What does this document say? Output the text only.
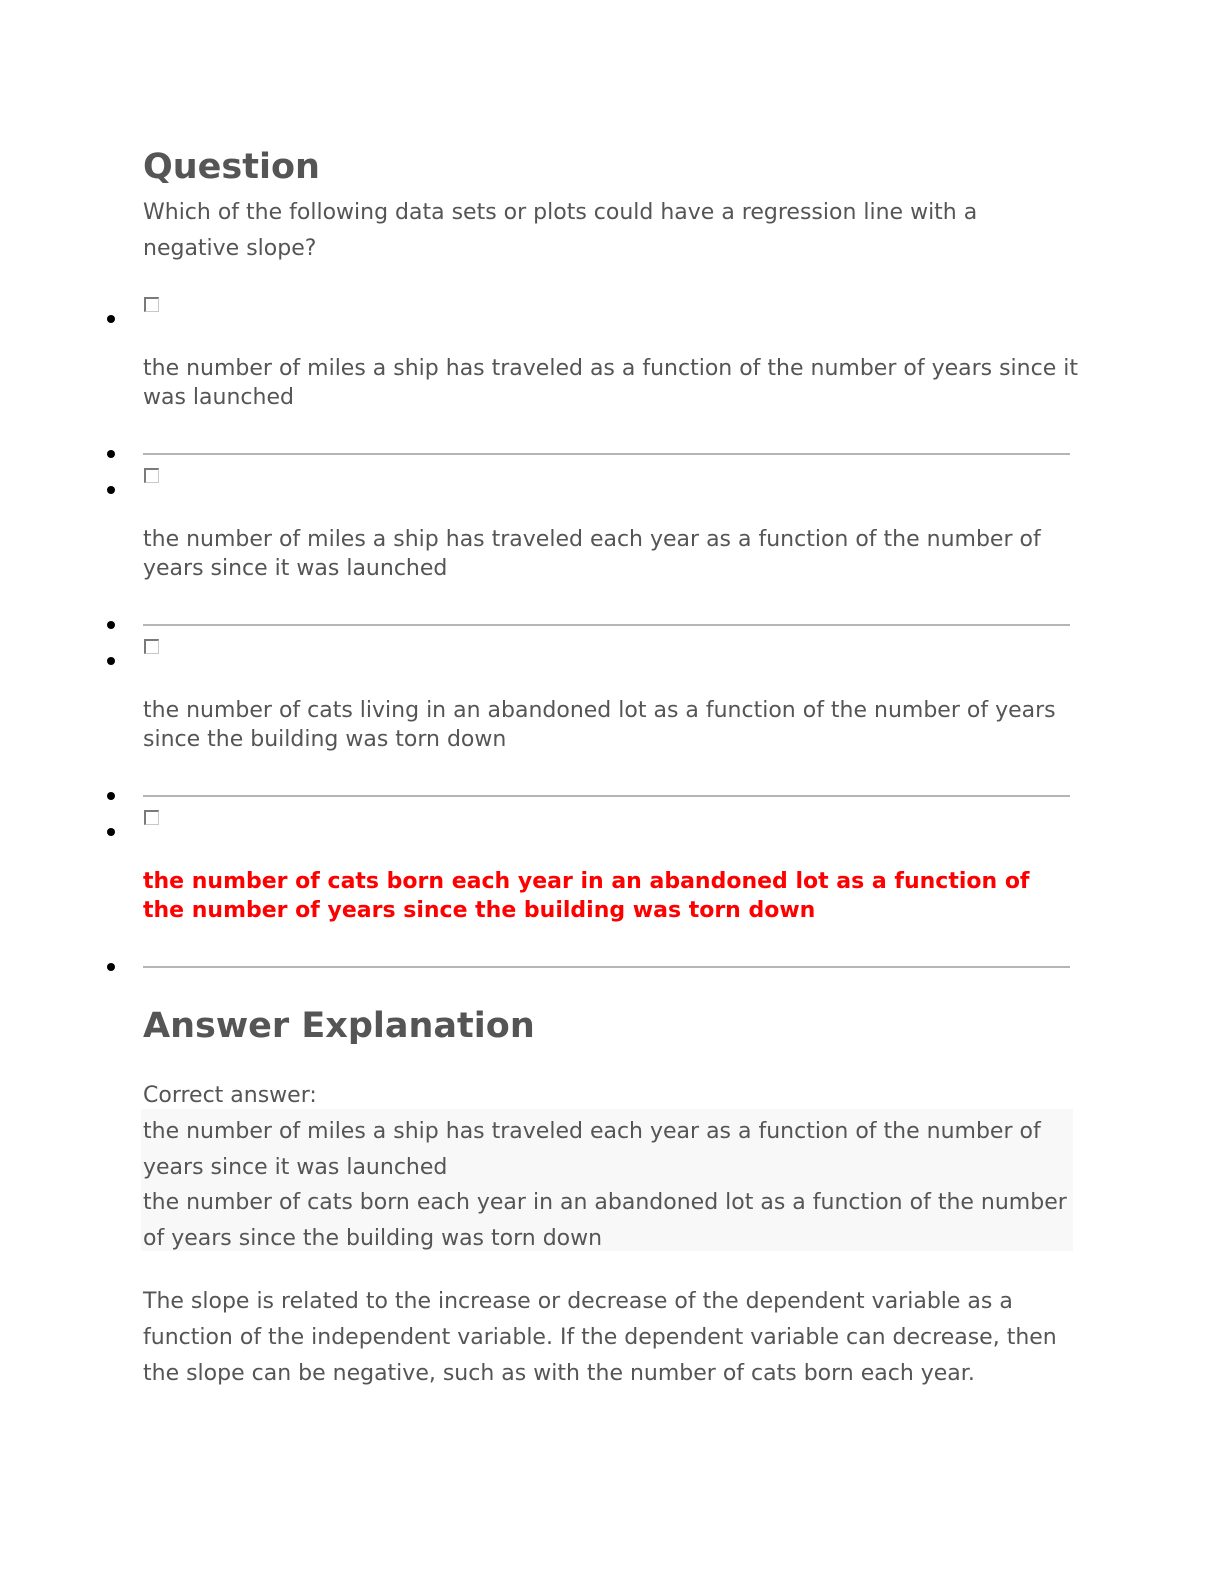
Question

Which of the following data sets or plots could have a regression line with a negative slope?

the number of miles a ship has traveled as a function of the number of years since it was launched

the number of miles a ship has traveled each year as a function of the number of years since it was launched

the number of cats living in an abandoned lot as a function of the number of years since the building was torn down

the number of cats born each year in an abandoned lot as a function of the number of years since the building was torn down

Answer Explanation

Correct answer:

the number of miles a ship has traveled each year as a function of the number of years since it was launched

the number of cats born each year in an abandoned lot as a function of the number of years since the building was torn down

The slope is related to the increase or decrease of the dependent variable as a function of the independent variable. If the dependent variable can decrease, then the slope can be negative, such as with the number of cats born each year.
